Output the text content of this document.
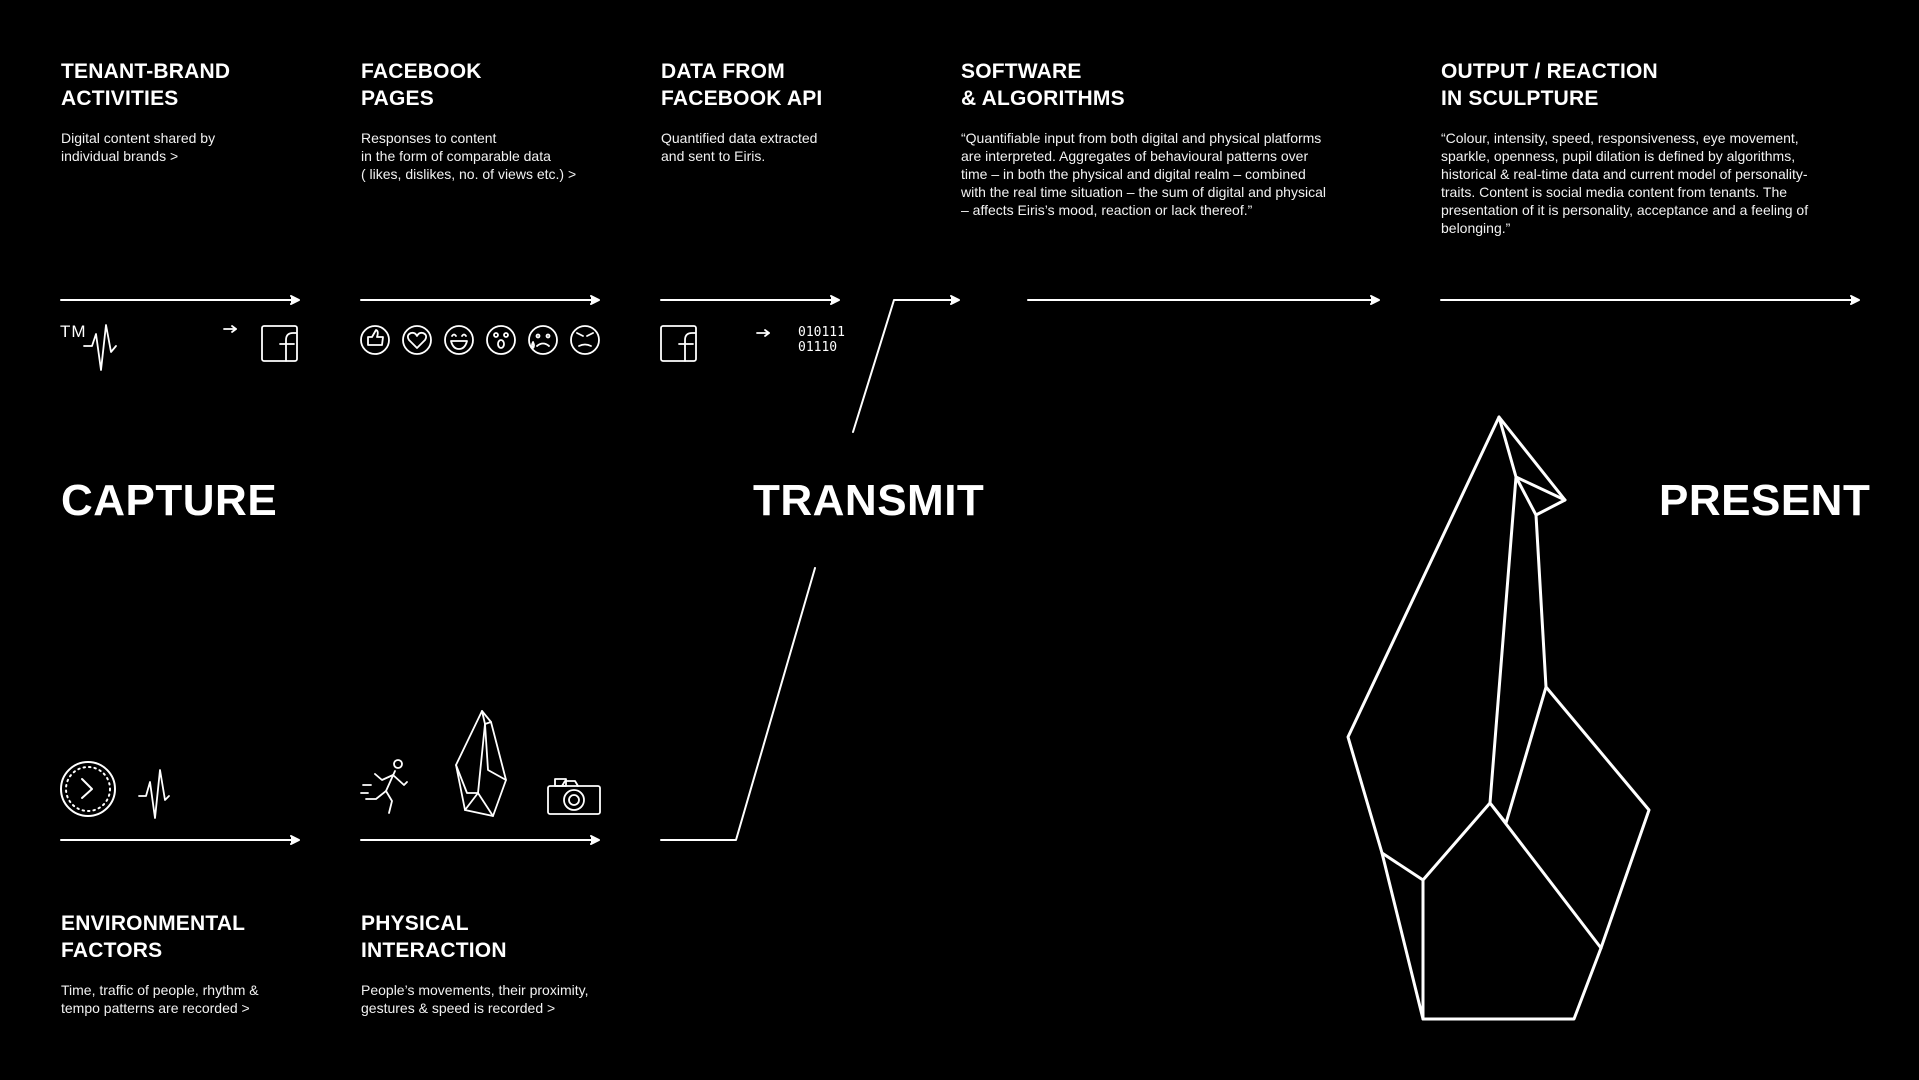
TENANT-BRAND
ACTIVITIES

Digital content shared by
individual brands >

FACEBOOK
PAGES

Responses to content
in the form of comparable data
( likes, dislikes, no. of views etc.) >

DATA FROM
FACEBOOK API

Quantified data extracted
and sent to Eiris.

SOFTWARE
& ALGORITHMS

“Quantifiable input from both digital and physical platforms
are interpreted. Aggregates of behavioural patterns over
time – in both the physical and digital realm – combined
with the real time situation – the sum of digital and physical
– affects Eiris’s mood, reaction or lack thereof.”

OUTPUT / REACTION
IN SCULPTURE

“Colour, intensity, speed, responsiveness, eye movement,
sparkle, openness, pupil dilation is defined by algorithms,
historical & real-time data and current model of personality-
traits. Content is social media content from tenants. The
presentation of it is personality, acceptance and a feeling of
belonging.”

CAPTURE	TRANSMIT	PRESENT
ENVIRONMENTAL
FACTORS

Time, traffic of people, rhythm &
tempo patterns are recorded >

PHYSICAL
INTERACTION

People’s movements, their proximity,
gestures & speed is recorded >

TM	010111
01110
